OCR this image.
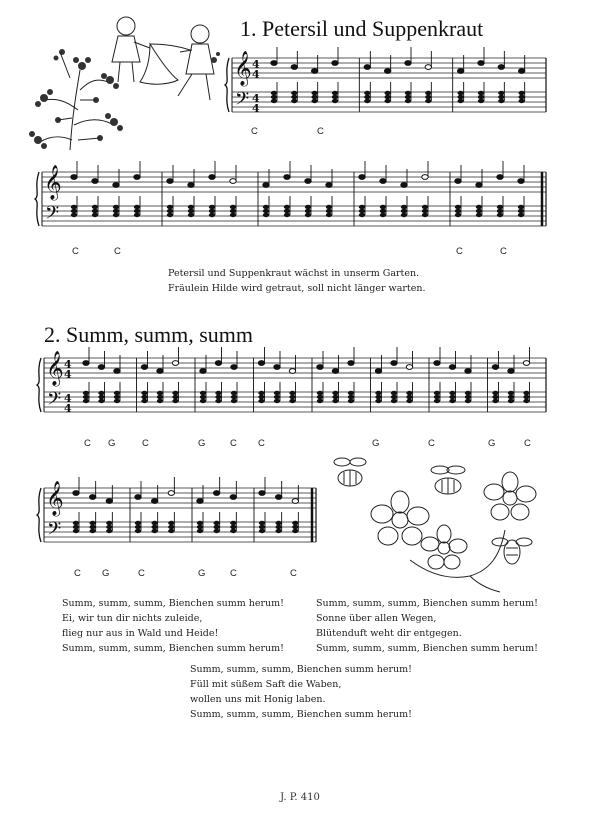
1. Petersil und Suppenkraut
𝄞
𝄢
4
4
4
4
𝄞
𝄢
C	C
C	C	C	C
Petersil und Suppenkraut wächst in unserm Garten.
Fräulein Hilde wird getraut, soll nicht länger warten.
2. Summ, summ, summ
𝄞
𝄢
4
4
4
4
𝄞
𝄢
C G	C	G	C C	G	C	G	C
C G	C	G	C	C
Summ, summ, summ, Bienchen summ herum!
Ei, wir tun dir nichts zuleide,
flieg nur aus in Wald und Heide!
Summ, summ, summ, Bienchen summ herum!
Summ, summ, summ, Bienchen summ herum!
Sonne über allen Wegen,
Blütenduft weht dir entgegen.
Summ, summ, summ, Bienchen summ herum!
Summ, summ, summ, Bienchen summ herum!
Füll mit süßem Saft die Waben,
wollen uns mit Honig laben.
Summ, summ, summ, Bienchen summ herum!
J. P. 410
